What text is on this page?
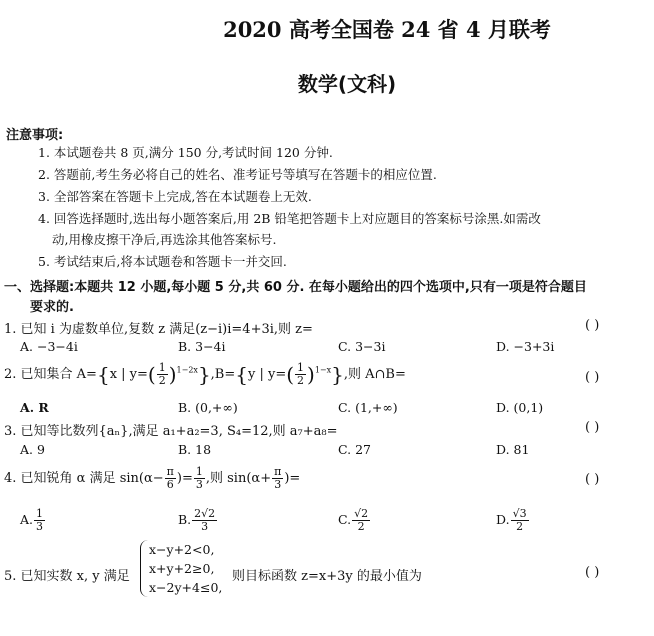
2020 高考全国卷 24 省 4 月联考
数学(文科)
注意事项:
1. 本试题卷共 8 页,满分 150 分,考试时间 120 分钟.
2. 答题前,考生务必将自己的姓名、准考证号等填写在答题卡的相应位置.
3. 全部答案在答题卡上完成,答在本试题卷上无效.
4. 回答选择题时,选出每小题答案后,用 2B 铅笔把答题卡上对应题目的答案标号涂黑.如需改
动,用橡皮擦干净后,再选涂其他答案标号.
5. 考试结束后,将本试题卷和答题卡一并交回.
一、选择题:本题共 12 小题,每小题 5 分,共 60 分. 在每小题给出的四个选项中,只有一项是符合题目
要求的.
1. 已知 i 为虚数单位,复数 z 满足(z−i)i=4+3i,则 z=	( )
A. −3−4i	B. 3−4i	C. 3−3i	D. −3+3i
2. 已知集合 A={x | $y=( \frac{1}{2} )^{1-2x}\},B=\{y$ | $y=( \frac{1}{2} )^{1-x}$},则 A∩B=	( )
A. R	B. (0,+∞)	C. (1,+∞)	D. (0,1)
3. 已知等比数列{aₙ},满足 a₁+a₂=3, S₄=12,则 a₇+a₈=	( )
A. 9	B. 18	C. 27	D. 81
4. 已知锐角 α 满足 $\sin(\alpha- \frac{\pi}{6}$ )= $\frac{1}{3}$ ,则 $\sin(\alpha+ \frac{\pi}{3}$ )=	( )
A. $\frac{1}{3}$	B. $\frac{2√2}{3}$	C. $\frac{√2}{2}$	D. $\frac{√3}{2}$
5. 已知实数 x, y 满足
x−y+2<0,
x+y+2≥0,
x−2y+4≤0,
则目标函数 z=x+3y 的最小值为	( )
